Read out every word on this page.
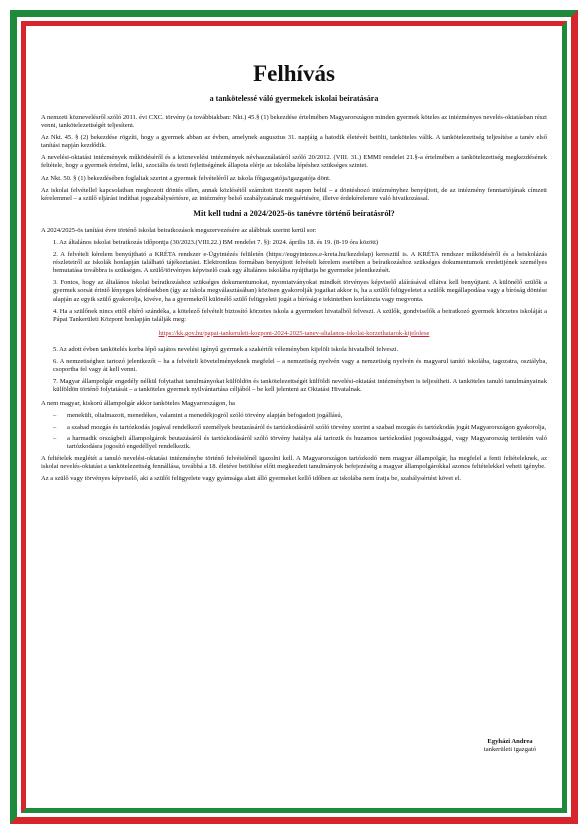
Felhívás
a tanköteles​sé váló gyermekek iskolai beíratására

A nemzeti köznevelésről szóló 2011. évi CXC. törvény (a továbbiakban: Nkt.) 45.§ (1) bekezdése értelmében Magyarországon minden gyermek köteles az intézményes nevelés-oktatásban részt venni, tankötelezettségét teljesíteni.

Az Nkt. 45. § (2) bekezdése rögzíti, hogy a gyermek abban az évben, amelynek augusztus 31. napjáig a hatodik életévét betölti, tanköteles válik. A tankötelezettség teljesítése a tanév első tanítási napján kezdődik.

A nevelési-oktatási intézmények működéséről és a köznevelési intézmények névhasználatáról szóló 20/2012. (VIII. 31.) EMMI rendelet 21.§-a értelmében a tankötelezettség megkezdésének feltétele, hogy a gyermek értelmi, lelki, szociális és testi fejlettségének állapota elérje az iskolába lépéshez szükséges szintet.

Az Nkt. 50. § (1) bekezdésében foglaltak szerint a gyermek felvételéről az iskola főigazgatója/igazgatója dönt.

Az iskolai felvétellel kapcsolatban meghozott döntés ellen, annak közlésétől számított tizenöt napon belül – a döntéshozó intézményhez benyújtott, de az intézmény fenntartójának címzett kérelemmel – a szülő eljárást indíthat jogszabálysértésre, az intézmény belső szabályzatának megsértésére, illetve érdekérelemre való hivatkozással.

Mit kell tudni a 2024/2025-ös tanévre történő beíratásról?

A 2024/2025-ös tanítási évre történő iskolai beiratkozások megszervezésére az alábbiak szerint kerül sor:

1. Az általános iskolai beiratkozás időpontja (30/2023.(VIII.22.) BM rendelet 7. §): 2024. április 18. és 19. (8-19 óra között)

2. A felvételi kérelem benyújtható a KRÉTA rendszer e-Ügyintézés felületén (https://eugyintezes.e-kreta.hu/kezdolap) keresztül is. A KRÉTA rendszer működéséről és a beiskolázás részleteiről az iskolák honlapján található tájékoztatást. Elektronikus formában benyújtott felvételi kérelem esetében a beíratkozáshoz szükséges dokumentumok eredetijének személyes bemutatása továbbra is szükséges. A szülő/törvényes képviselő csak egy általános iskolába nyújthatja be gyermeke jelentkezését.

3. Fontos, hogy az általános iskolai beíratkozáshoz szükséges dokumentumokat, nyomtatványokat mindkét törvényes képviselő aláírásával ellátva kell benyújtani. A különélő szülők a gyermek sorsát érintő lényeges kérdésekben (így az iskola megválasztásában) közösen gyakorolják jogaikat akkor is, ha a szülői felügyeletet a szülők megállapodása vagy a bíróság döntése alapján az egyik szülő gyakorolja, kivéve, ha a gyermekről különélő szülő felügyeleti jogát a bíróság e tekintetben korlátozta vagy megvonta.

4. Ha a szülőnek nincs ettől eltérő szándéka, a kötelező felvételt biztosító körzetes iskola a gyermeket hivatalból felveszi. A szülők, gondviselők a beiratkozó gyermek körzetes iskoláját a Pápai Tankerületi Központ honlapján találják meg:

https://kk.gov.hu/papai-tankeruleti-kozpont-2024-2025-tanev-altalanos-iskolai-korzethatarok-kijelolese

5. Az adott évben tankötelés korba lépő sajátos nevelési igényű gyermek a szakértői véleményben kijelölt iskola hivatalból felveszi.

6. A nemzetiséghez tartozó jelentkezőt – ha a felvételi követelményeknek megfelel – a nemzetiség nyelvén vagy a nemzetiség nyelvén és magyarul tanító iskolába, tagozatra, osztályba, csoportba fel vagy át kell venni.

7. Magyar állampolgár engedély nélkül folytathat tanulmányokat külföldön és tankötelezettségét külföldi nevelési-oktatási intézményben is teljesítheti. A tanköteles tanuló tanulmányainak külföldön történő folytatását – a tanköteles gyermek nyilvántartása céljából – be kell jelenteni az Oktatási Hivatalnak.

A nem magyar, kiskorú állampolgár akkor tanköteles Magyarországon, ha

– menekült, oltalmazott, menedékes, valamint a menedékjogról szóló törvény alapján befogadott jogállású,
– a szabad mozgás és tartózkodás jogával rendelkező személyek beutazásáról és tartózkodásáról szóló törvény szerint a szabad mozgás és tartózkodás jogát Magyarországon gyakorolja,
– a harmadik országbeli állampolgárok beutazásáról és tartózkodásáról szóló törvény hatálya alá tartozik és huzamos tartózkodási jogosultsággal, vagy Magyarország területén való tartózkodásra jogosító engedéllyel rendelkezik.

A feltételek meglétét a tanuló nevelési-oktatási intézménybe történő felvételénél igazolni kell. A Magyarországon tartózkodó nem magyar állampolgár, ha megfelel a fenti feltételeknek, az iskolai nevelés-oktatást a tankötelezettség fennállása, továbbá a 18. életéve betöltése előtt megkezdett tanulmányok befejezéséig a magyar állampolgárokkal azonos feltételekkel veheti igénybe.

Az a szülő vagy törvényes képviselő, aki a szülői felügyelete vagy gyámsága alatt álló gyermeket kellő időben az iskolába nem íratja be, szabálysértést követ el.

Egyházi Andrea
tankerületi igazgató
